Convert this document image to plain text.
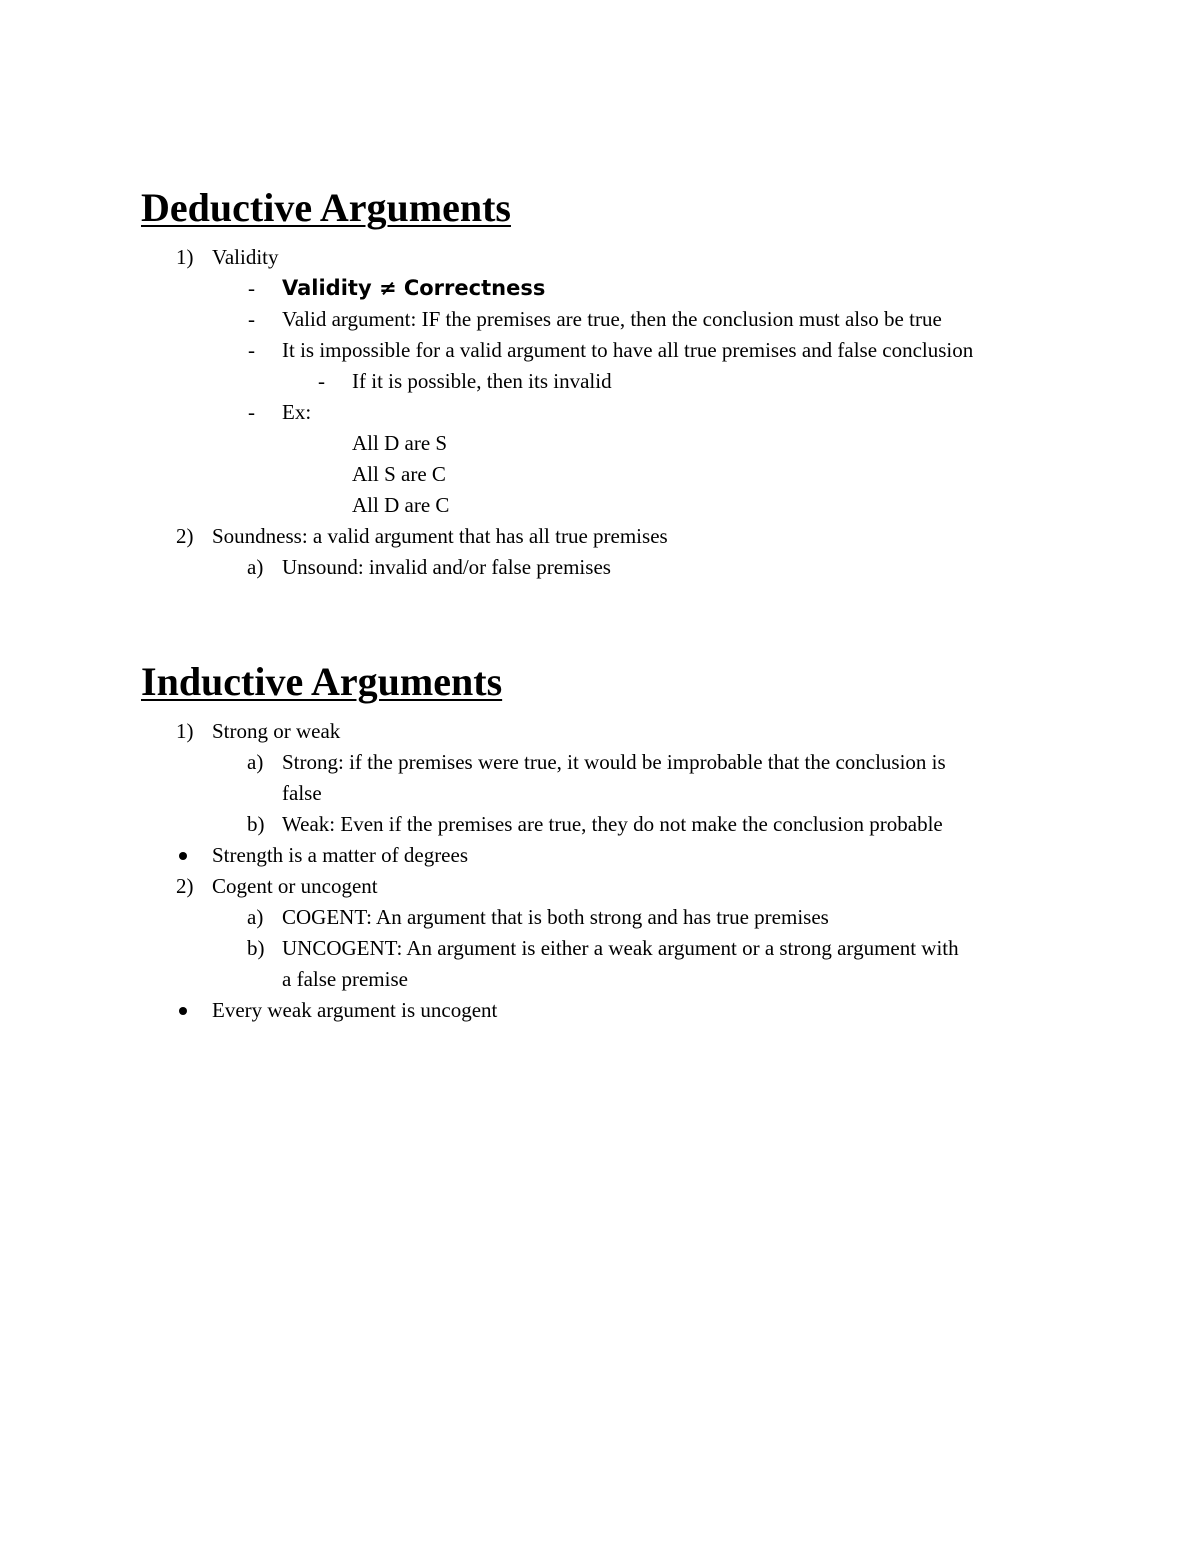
Deductive Arguments
1) Validity
- Validity ≠ Correctness
- Valid argument: IF the premises are true, then the conclusion must also be true
- It is impossible for a valid argument to have all true premises and false conclusion
- If it is possible, then its invalid
- Ex:
All D are S
All S are C
All D are C
2) Soundness: a valid argument that has all true premises
a) Unsound: invalid and/or false premises
Inductive Arguments
1) Strong or weak
a) Strong: if the premises were true, it would be improbable that the conclusion is
false
b) Weak: Even if the premises are true, they do not make the conclusion probable
Strength is a matter of degrees
2) Cogent or uncogent
a) COGENT: An argument that is both strong and has true premises
b) UNCOGENT: An argument is either a weak argument or a strong argument with
a false premise
Every weak argument is uncogent
